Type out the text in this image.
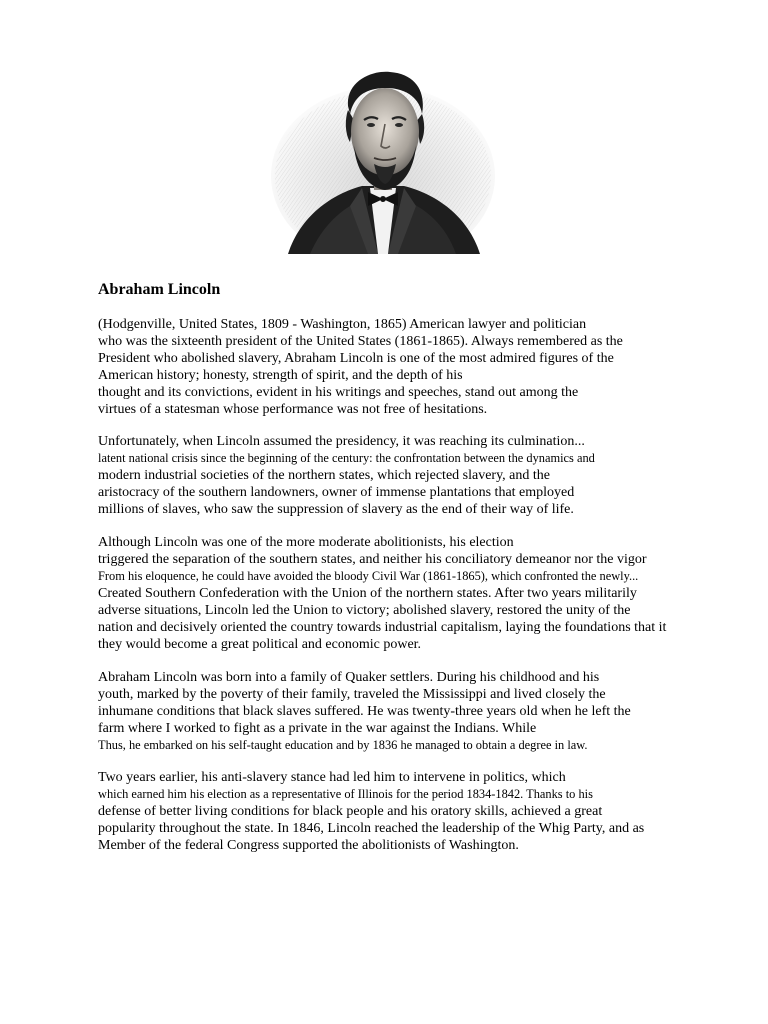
Abraham Lincoln

(Hodgenville, United States, 1809 - Washington, 1865) American lawyer and politician
who was the sixteenth president of the United States (1861-1865). Always remembered as the
President who abolished slavery, Abraham Lincoln is one of the most admired figures of the
American history; honesty, strength of spirit, and the depth of his
thought and its convictions, evident in his writings and speeches, stand out among the
virtues of a statesman whose performance was not free of hesitations.

Unfortunately, when Lincoln assumed the presidency, it was reaching its culmination...
latent national crisis since the beginning of the century: the confrontation between the dynamics and
modern industrial societies of the northern states, which rejected slavery, and the
aristocracy of the southern landowners, owner of immense plantations that employed
millions of slaves, who saw the suppression of slavery as the end of their way of life.

Although Lincoln was one of the more moderate abolitionists, his election
triggered the separation of the southern states, and neither his conciliatory demeanor nor the vigor
From his eloquence, he could have avoided the bloody Civil War (1861-1865), which confronted the newly...
Created Southern Confederation with the Union of the northern states. After two years militarily
adverse situations, Lincoln led the Union to victory; abolished slavery, restored the unity of the
nation and decisively oriented the country towards industrial capitalism, laying the foundations that it
they would become a great political and economic power.

Abraham Lincoln was born into a family of Quaker settlers. During his childhood and his
youth, marked by the poverty of their family, traveled the Mississippi and lived closely the
inhumane conditions that black slaves suffered. He was twenty-three years old when he left the
farm where I worked to fight as a private in the war against the Indians. While
Thus, he embarked on his self-taught education and by 1836 he managed to obtain a degree in law.

Two years earlier, his anti-slavery stance had led him to intervene in politics, which
which earned him his election as a representative of Illinois for the period 1834-1842. Thanks to his
defense of better living conditions for black people and his oratory skills, achieved a great
popularity throughout the state. In 1846, Lincoln reached the leadership of the Whig Party, and as
Member of the federal Congress supported the abolitionists of Washington.
